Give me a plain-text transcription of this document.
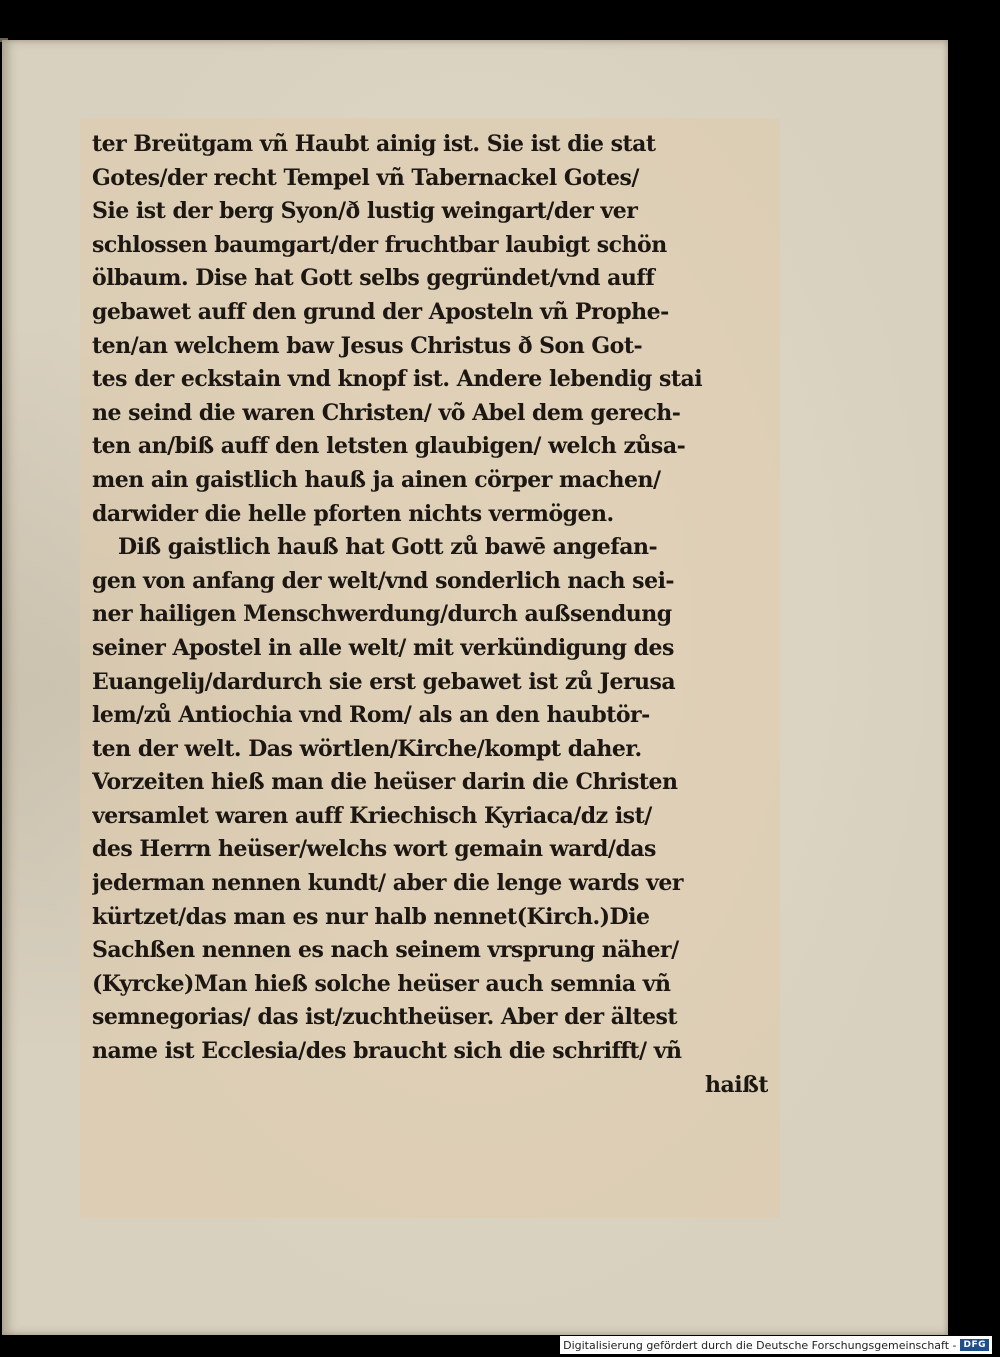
ter Breütgam vñ Haubt ainig ist. Sie ist die stat
Gotes/der recht Tempel vñ Tabernackel Gotes/
Sie ist der berg Syon/ð lustig weingart/der ver
schlossen baumgart/der fruchtbar laubigt schön
ölbaum. Dise hat Gott selbs gegründet/vnd auff
gebawet auff den grund der Aposteln vñ Prophe-
ten/an welchem baw Jesus Christus ð Son Got-
tes der eckstain vnd knopf ist. Andere lebendig stai
ne seind die waren Christen/ võ Abel dem gerech-
ten an/biß auff den letsten glaubigen/ welch zůsa-
men ain gaistlich hauß ja ainen cörper machen/
darwider die helle pforten nichts vermögen.
Diß gaistlich hauß hat Gott zů bawē angefan-
gen von anfang der welt/vnd sonderlich nach sei-
ner hailigen Menschwerdung/durch außsendung
seiner Apostel in alle welt/ mit verkündigung des
Euangeliȷ/dardurch sie erst gebawet ist zů Jerusa
lem/zů Antiochia vnd Rom/ als an den haubtör-
ten der welt. Das wörtlen/Kirche/kompt daher.
Vorzeiten hieß man die heüser darin die Christen
versamlet waren auff Kriechisch Kyriaca/dz ist/
des Herrn heüser/welchs wort gemain ward/das
jederman nennen kundt/ aber die lenge wards ver
kürtzet/das man es nur halb nennet(Kirch.)Die
Sachßen nennen es nach seinem vrsprung näher/
(Kyrcke)Man hieß solche heüser auch semnia vñ
semnegorias/ das ist/zuchtheüser. Aber der ältest
name ist Ecclesia/des braucht sich die schrifft/ vñ
haißt
Digitalisierung gefördert durch die Deutsche Forschungsgemeinschaft - DFG
